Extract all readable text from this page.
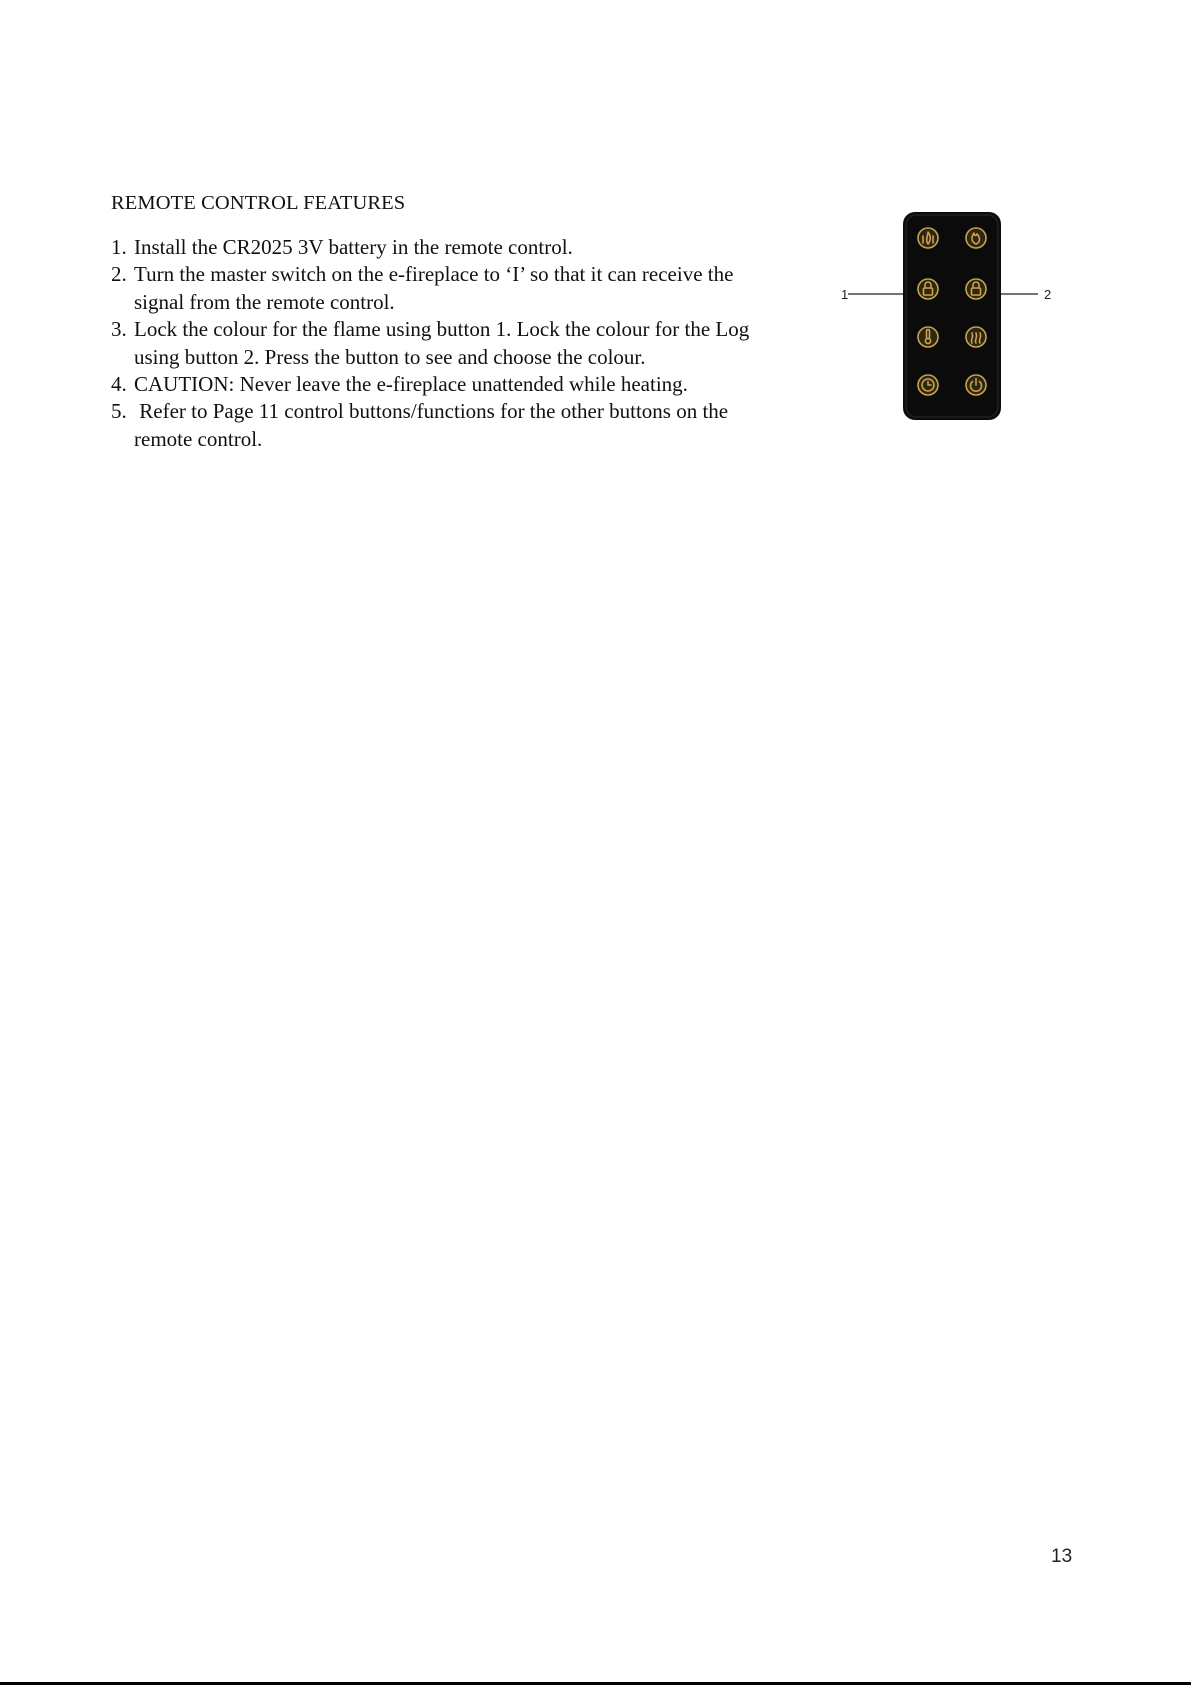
REMOTE CONTROL FEATURES
1. Install the CR2025 3V battery in the remote control.
2. Turn the master switch on the e-fireplace to ‘I’ so that it can receive the
signal from the remote control.
3. Lock the colour for the flame using button 1. Lock the colour for the Log
using button 2. Press the button to see and choose the colour.
4. CAUTION: Never leave the e-fireplace unattended while heating.
5. Refer to Page 11 control buttons/functions for the other buttons on the
remote control.
1	2
13
